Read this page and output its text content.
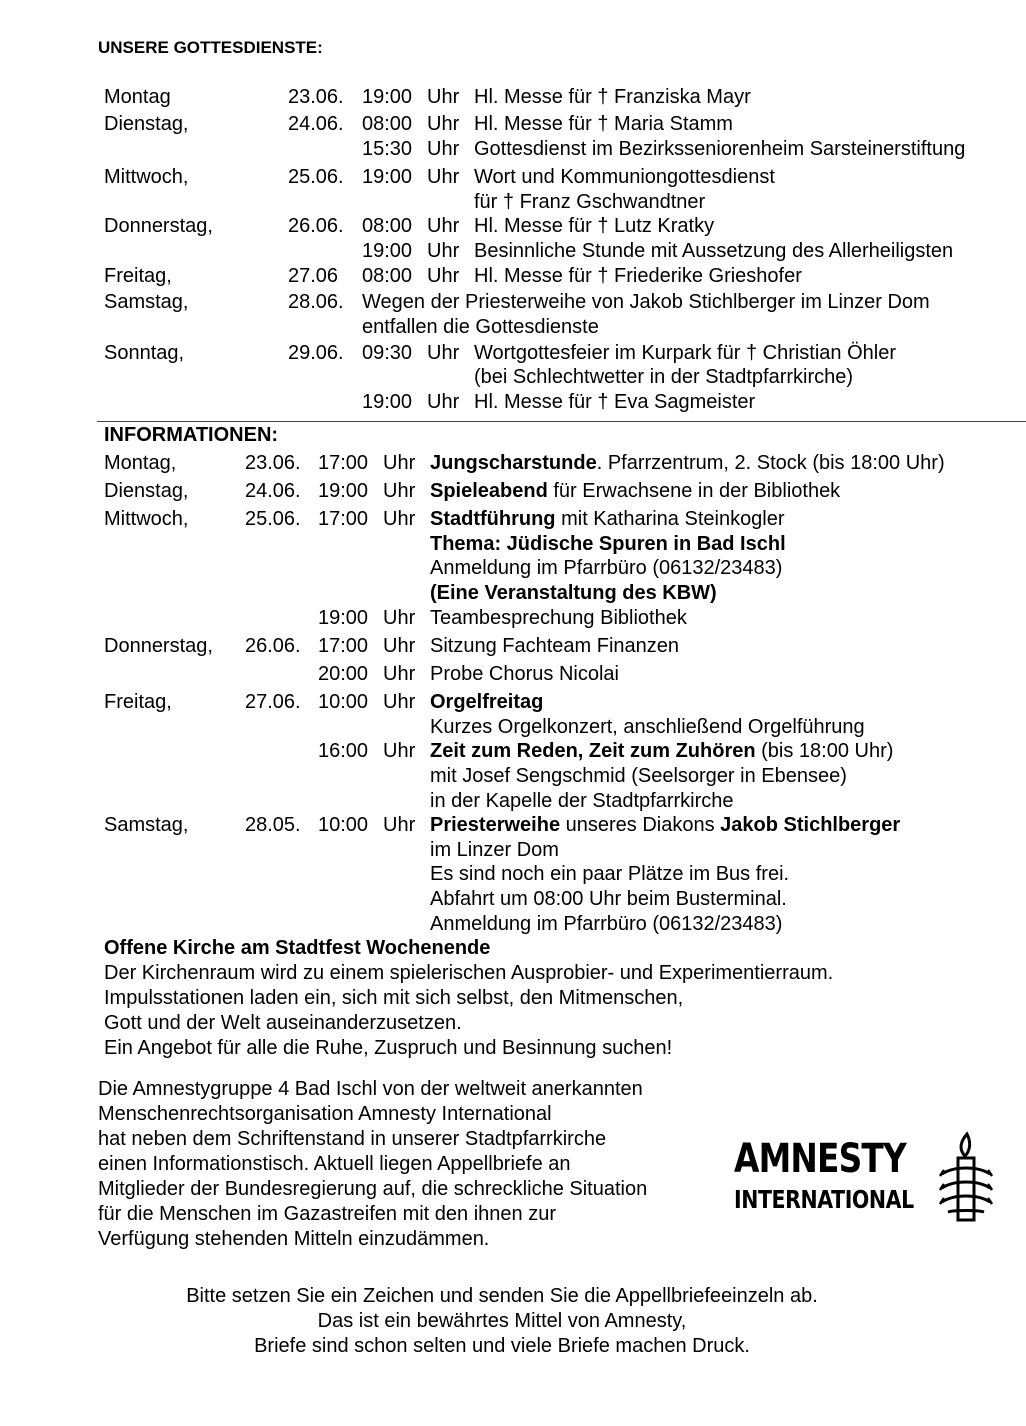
UNSERE GOTTESDIENSTE:
Montag	23.06. 19:00 Uhr Hl. Messe für † Franziska Mayr
Dienstag,	24.06. 08:00 Uhr Hl. Messe für † Maria Stamm
15:30 Uhr Gottesdienst im Bezirksseniorenheim Sarsteinerstiftung
Mittwoch,	25.06. 19:00 Uhr Wort und Kommuniongottesdienst
für † Franz Gschwandtner
Donnerstag,	26.06. 08:00 Uhr Hl. Messe für † Lutz Kratky
19:00 Uhr Besinnliche Stunde mit Aussetzung des Allerheiligsten
Freitag,	27.06 08:00 Uhr Hl. Messe für † Friederike Grieshofer
Samstag,	28.06. Wegen der Priesterweihe von Jakob Stichlberger im Linzer Dom
entfallen die Gottesdienste
Sonntag,	29.06. 09:30 Uhr Wortgottesfeier im Kurpark für † Christian Öhler
(bei Schlechtwetter in der Stadtpfarrkirche)
19:00 Uhr Hl. Messe für † Eva Sagmeister
INFORMATIONEN:
Montag,	23.06. 17:00 Uhr Jungscharstunde. Pfarrzentrum, 2. Stock (bis 18:00 Uhr)
Dienstag,	24.06. 19:00 Uhr Spieleabend für Erwachsene in der Bibliothek
Mittwoch,	25.06. 17:00 Uhr Stadtführung mit Katharina Steinkogler
Thema: Jüdische Spuren in Bad Ischl
Anmeldung im Pfarrbüro (06132/23483)
(Eine Veranstaltung des KBW)
19:00 Uhr Teambesprechung Bibliothek
Donnerstag, 26.06. 17:00 Uhr Sitzung Fachteam Finanzen
20:00 Uhr Probe Chorus Nicolai
Freitag,	27.06. 10:00 Uhr Orgelfreitag
Kurzes Orgelkonzert, anschließend Orgelführung
16:00 Uhr Zeit zum Reden, Zeit zum Zuhören (bis 18:00 Uhr)
mit Josef Sengschmid (Seelsorger in Ebensee)
in der Kapelle der Stadtpfarrkirche
Samstag,	28.05. 10:00 Uhr Priesterweihe unseres Diakons Jakob Stichlberger
im Linzer Dom
Es sind noch ein paar Plätze im Bus frei.
Abfahrt um 08:00 Uhr beim Busterminal.
Anmeldung im Pfarrbüro (06132/23483)
Offene Kirche am Stadtfest Wochenende
Der Kirchenraum wird zu einem spielerischen Ausprobier- und Experimentierraum.
Impulsstationen laden ein, sich mit sich selbst, den Mitmenschen,
Gott und der Welt auseinanderzusetzen.
Ein Angebot für alle die Ruhe, Zuspruch und Besinnung suchen!
Die Amnestygruppe 4 Bad Ischl von der weltweit anerkannten
Menschenrechtsorganisation Amnesty International
hat neben dem Schriftenstand in unserer Stadtpfarrkirche
einen Informationstisch. Aktuell liegen Appellbriefe an
Mitglieder der Bundesregierung auf, die schreckliche Situation
für die Menschen im Gazastreifen mit den ihnen zur
Verfügung stehenden Mitteln einzudämmen.
AMNESTY
INTERNATIONAL
Bitte setzen Sie ein Zeichen und senden Sie die Appellbriefeeinzeln ab.
Das ist ein bewährtes Mittel von Amnesty,
Briefe sind schon selten und viele Briefe machen Druck.
